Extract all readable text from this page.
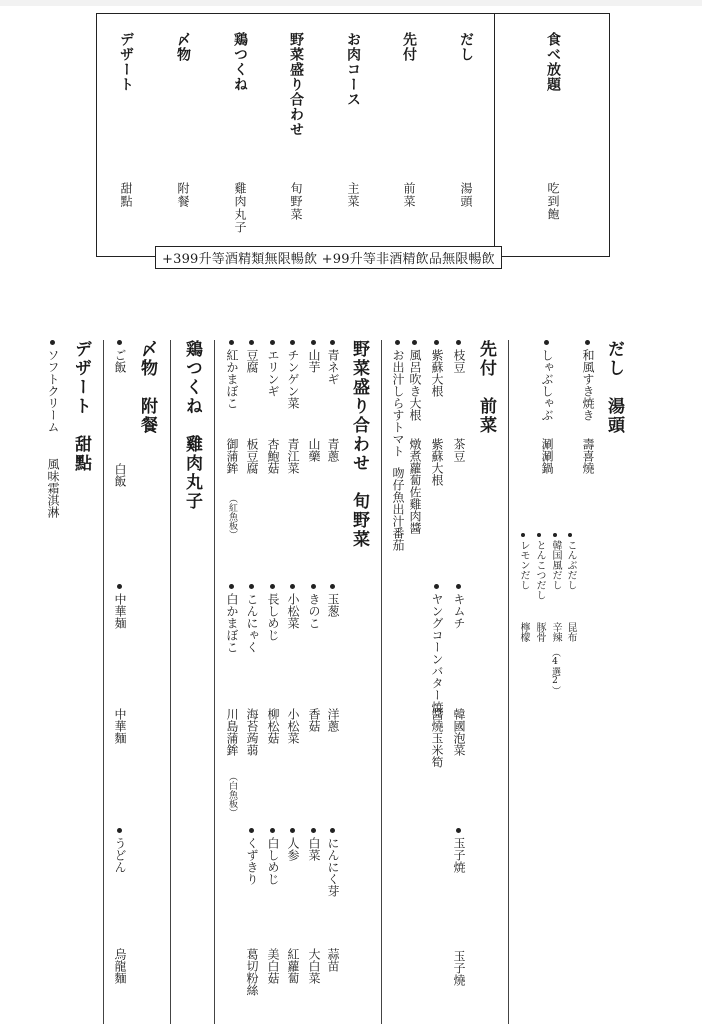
食べ放題
吃到飽
だし
湯頭
先付
前菜
お肉コース
主菜
野菜盛り合わせ
旬野菜
鶏つくね
雞肉丸子
〆物
附餐
デザート
甜點
+399升等酒精類無限暢飲 +99升等非酒精飲品無限暢飲
だし　湯頭
和風すき焼き
壽喜燒
しゃぶしゃぶ
涮涮鍋
こんぶだし
昆布
韓国風だし
辛辣
（4選2）
とんこつだし
豚骨
レモンだし
檸檬
先付　前菜
枝豆
茶豆
キムチ
韓國泡菜
玉子焼
玉子燒
紫蘇大根
紫蘇大根
ヤングコーンバター焼
醬燒玉米筍
風呂吹き大根
燉煮蘿蔔佐雞肉醬
お出汁しらすトマト
吻仔魚出汁番茄
野菜盛り合わせ　旬野菜
青ネギ
青蔥
玉葱
洋蔥
にんにく芽
蒜苗
山芋
山藥
きのこ
香菇
白菜
大白菜
チンゲン菜
青江菜
小松菜
小松菜
人参
紅蘿蔔
エリンギ
杏鮑菇
長しめじ
柳松菇
白しめじ
美白菇
豆腐
板豆腐
こんにゃく
海苔蒟蒻
くずきり
葛切粉絲
紅かまぼこ
御蒲鉾
（紅魚板）
白かまぼこ
川島蒲鉾
（白魚板）
鶏つくね　雞肉丸子
〆物　附餐
ご飯
白飯
中華麺
中華麵
うどん
烏龍麵
デザート　甜點
ソフトクリーム
風味霜淇淋
